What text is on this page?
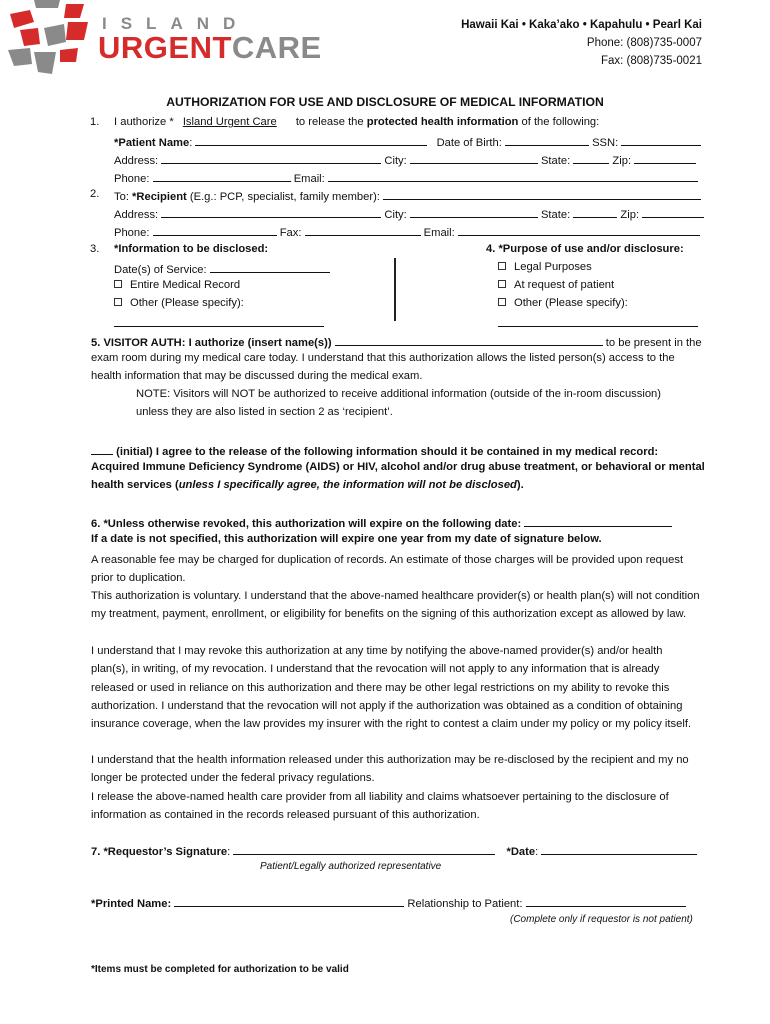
ISLAND
URGENTCARE
Hawaii Kai • Kaka’ako • Kapahulu • Pearl Kai
Phone: (808)735-0007
Fax: (808)735-0021
AUTHORIZATION FOR USE AND DISCLOSURE OF MEDICAL INFORMATION
1. I authorize * Island Urgent Care to release the protected health information of the following:
*Patient Name:	Date of Birth:	SSN:
Address:	City:	State:	Zip:
Phone:	Email:
2. To: *Recipient (E.g.: PCP, specialist, family member):
Address:	City:	State:	Zip:
Phone:	Fax:	Email:
3. *Information to be disclosed:
Date(s) of Service:
Entire Medical Record
Other (Please specify):
4. *Purpose of use and/or disclosure:
Legal Purposes
At request of patient
Other (Please specify):
5. VISITOR AUTH: I authorize (insert name(s))	to be present in the
exam room during my medical care today. I understand that this authorization allows the listed person(s) access to the
health information that may be discussed during the medical exam.
NOTE: Visitors will NOT be authorized to receive additional information (outside of the in-room discussion)
unless they are also listed in section 2 as ‘recipient’.
(initial) I agree to the release of the following information should it be contained in my medical record:
Acquired Immune Deficiency Syndrome (AIDS) or HIV, alcohol and/or drug abuse treatment, or behavioral or mental
health services (unless I specifically agree, the information will not be disclosed).
6. *Unless otherwise revoked, this authorization will expire on the following date:
If a date is not specified, this authorization will expire one year from my date of signature below.
A reasonable fee may be charged for duplication of records. An estimate of those charges will be provided upon request prior to duplication.
This authorization is voluntary. I understand that the above-named healthcare provider(s) or health plan(s) will not condition my treatment, payment, enrollment, or eligibility for benefits on the signing of this authorization except as allowed by law.
I understand that I may revoke this authorization at any time by notifying the above-named provider(s) and/or health plan(s), in writing, of my revocation. I understand that the revocation will not apply to any information that is already released or used in reliance on this authorization and there may be other legal restrictions on my ability to revoke this authorization. I understand that the revocation will not apply if the authorization was obtained as a condition of obtaining insurance coverage, when the law provides my insurer with the right to contest a claim under my policy or my policy itself.
I understand that the health information released under this authorization may be re-disclosed by the recipient and my no longer be protected under the federal privacy regulations.
I release the above-named health care provider from all liability and claims whatsoever pertaining to the disclosure of information as contained in the records released pursuant of this authorization.
7. *Requestor’s Signature:	*Date:
Patient/Legally authorized representative
*Printed Name:	Relationship to Patient:
(Complete only if requestor is not patient)
*Items must be completed for authorization to be valid
